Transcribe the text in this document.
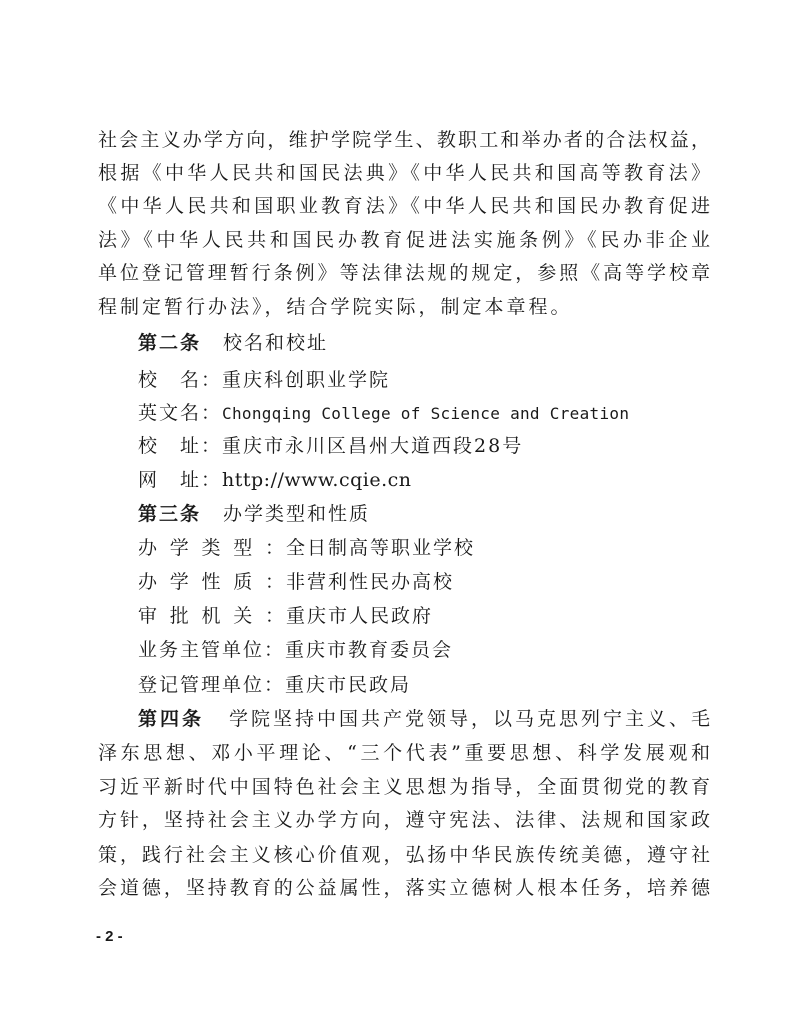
社会主义办学方向，维护学院学生、教职工和举办者的合法权益，
根据《中华人民共和国民法典》《中华人民共和国高等教育法》
《中华人民共和国职业教育法》《中华人民共和国民办教育促进
法》《中华人民共和国民办教育促进法实施条例》《民办非企业
单位登记管理暂行条例》等法律法规的规定，参照《高等学校章
程制定暂行办法》，结合学院实际，制定本章程。
第二条 校名和校址
校　名：重庆科创职业学院
英文名：Chongqing College of Science and Creation
校　址：重庆市永川区昌州大道西段28号
网　址：http://www.cqie.cn
第三条 办学类型和性质
办学类型：全日制高等职业学校
办学性质：非营利性民办高校
审批机关：重庆市人民政府
业务主管单位：重庆市教育委员会
登记管理单位：重庆市民政局
第四条 学院坚持中国共产党领导，以马克思列宁主义、毛
泽东思想、邓小平理论、“三个代表”重要思想、科学发展观和
习近平新时代中国特色社会主义思想为指导，全面贯彻党的教育
方针，坚持社会主义办学方向，遵守宪法、法律、法规和国家政
策，践行社会主义核心价值观，弘扬中华民族传统美德，遵守社
会道德，坚持教育的公益属性，落实立德树人根本任务，培养德
- 2 -
